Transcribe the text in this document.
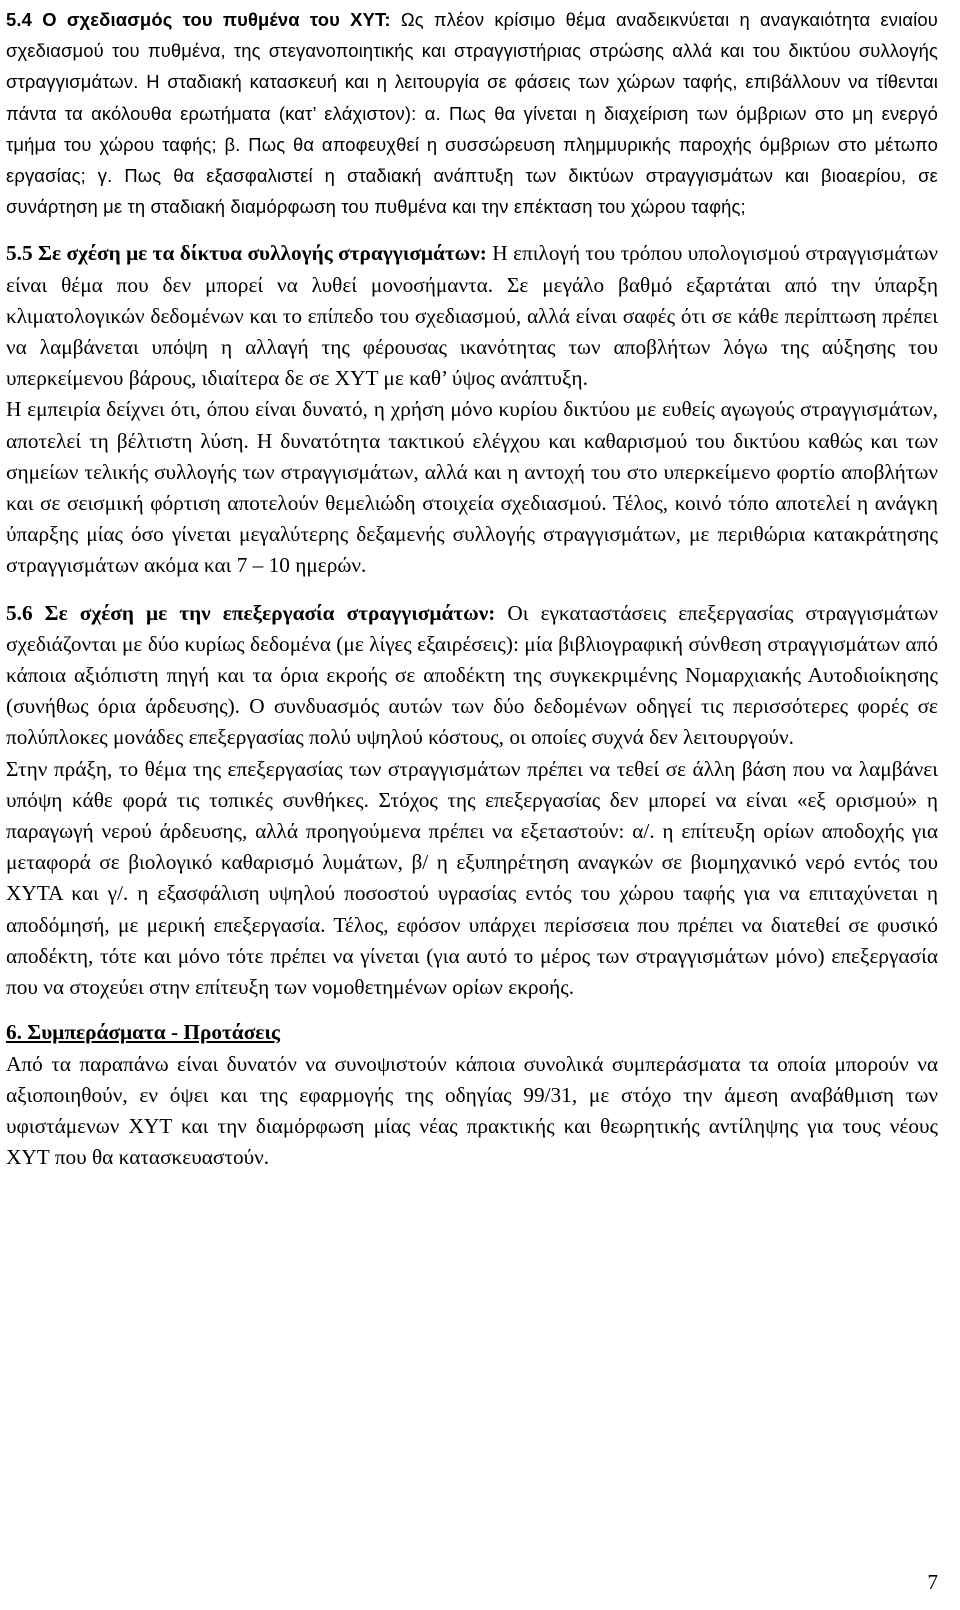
5.4 Ο σχεδιασμός του πυθμένα του ΧΥΤ: Ως πλέον κρίσιμο θέμα αναδεικνύεται η αναγκαιότητα ενιαίου σχεδιασμού του πυθμένα, της στεγανοποιητικής και στραγγιστήριας στρώσης αλλά και του δικτύου συλλογής στραγγισμάτων. Η σταδιακή κατασκευή και η λειτουργία σε φάσεις των χώρων ταφής, επιβάλλουν να τίθενται πάντα τα ακόλουθα ερωτήματα (κατ’ ελάχιστον): α. Πως θα γίνεται η διαχείριση των όμβριων στο μη ενεργό τμήμα του χώρου ταφής; β. Πως θα αποφευχθεί η συσσώρευση πλημμυρικής παροχής όμβριων στο μέτωπο εργασίας; γ. Πως θα εξασφαλιστεί η σταδιακή ανάπτυξη των δικτύων στραγγισμάτων και βιοαερίου, σε συνάρτηση με τη σταδιακή διαμόρφωση του πυθμένα και την επέκταση του χώρου ταφής;

5.5 Σε σχέση με τα δίκτυα συλλογής στραγγισμάτων: Η επιλογή του τρόπου υπολογισμού στραγγισμάτων είναι θέμα που δεν μπορεί να λυθεί μονοσήμαντα. Σε μεγάλο βαθμό εξαρτάται από την ύπαρξη κλιματολογικών δεδομένων και το επίπεδο του σχεδιασμού, αλλά είναι σαφές ότι σε κάθε περίπτωση πρέπει να λαμβάνεται υπόψη η αλλαγή της φέρουσας ικανότητας των αποβλήτων λόγω της αύξησης του υπερκείμενου βάρους, ιδιαίτερα δε σε ΧΥΤ με καθ’ ύψος ανάπτυξη.

Η εμπειρία δείχνει ότι, όπου είναι δυνατό, η χρήση μόνο κυρίου δικτύου με ευθείς αγωγούς στραγγισμάτων, αποτελεί τη βέλτιστη λύση. Η δυνατότητα τακτικού ελέγχου και καθαρισμού του δικτύου καθώς και των σημείων τελικής συλλογής των στραγγισμάτων, αλλά και η αντοχή του στο υπερκείμενο φορτίο αποβλήτων και σε σεισμική φόρτιση αποτελούν θεμελιώδη στοιχεία σχεδιασμού. Τέλος, κοινό τόπο αποτελεί η ανάγκη ύπαρξης μίας όσο γίνεται μεγαλύτερης δεξαμενής συλλογής στραγγισμάτων, με περιθώρια κατακράτησης στραγγισμάτων ακόμα και 7 – 10 ημερών.

5.6 Σε σχέση με την επεξεργασία στραγγισμάτων: Οι εγκαταστάσεις επεξεργασίας στραγγισμάτων σχεδιάζονται με δύο κυρίως δεδομένα (με λίγες εξαιρέσεις): μία βιβλιογραφική σύνθεση στραγγισμάτων από κάποια αξιόπιστη πηγή και τα όρια εκροής σε αποδέκτη της συγκεκριμένης Νομαρχιακής Αυτοδιοίκησης (συνήθως όρια άρδευσης). Ο συνδυασμός αυτών των δύο δεδομένων οδηγεί τις περισσότερες φορές σε πολύπλοκες μονάδες επεξεργασίας πολύ υψηλού κόστους, οι οποίες συχνά δεν λειτουργούν.

Στην πράξη, το θέμα της επεξεργασίας των στραγγισμάτων πρέπει να τεθεί σε άλλη βάση που να λαμβάνει υπόψη κάθε φορά τις τοπικές συνθήκες. Στόχος της επεξεργασίας δεν μπορεί να είναι «εξ ορισμού» η παραγωγή νερού άρδευσης, αλλά προηγούμενα πρέπει να εξεταστούν: α/. η επίτευξη ορίων αποδοχής για μεταφορά σε βιολογικό καθαρισμό λυμάτων, β/ η εξυπηρέτηση αναγκών σε βιομηχανικό νερό εντός του ΧΥΤΑ και γ/. η εξασφάλιση υψηλού ποσοστού υγρασίας εντός του χώρου ταφής για να επιταχύνεται η αποδόμησή, με μερική επεξεργασία. Τέλος, εφόσον υπάρχει περίσσεια που πρέπει να διατεθεί σε φυσικό αποδέκτη, τότε και μόνο τότε πρέπει να γίνεται (για αυτό το μέρος των στραγγισμάτων μόνο) επεξεργασία που να στοχεύει στην επίτευξη των νομοθετημένων ορίων εκροής.

6. Συμπεράσματα - Προτάσεις

Από τα παραπάνω είναι δυνατόν να συνοψιστούν κάποια συνολικά συμπεράσματα τα οποία μπορούν να αξιοποιηθούν, εν όψει και της εφαρμογής της οδηγίας 99/31, με στόχο την άμεση αναβάθμιση των υφιστάμενων ΧΥΤ και την διαμόρφωση μίας νέας πρακτικής και θεωρητικής αντίληψης για τους νέους ΧΥΤ που θα κατασκευαστούν.

7
